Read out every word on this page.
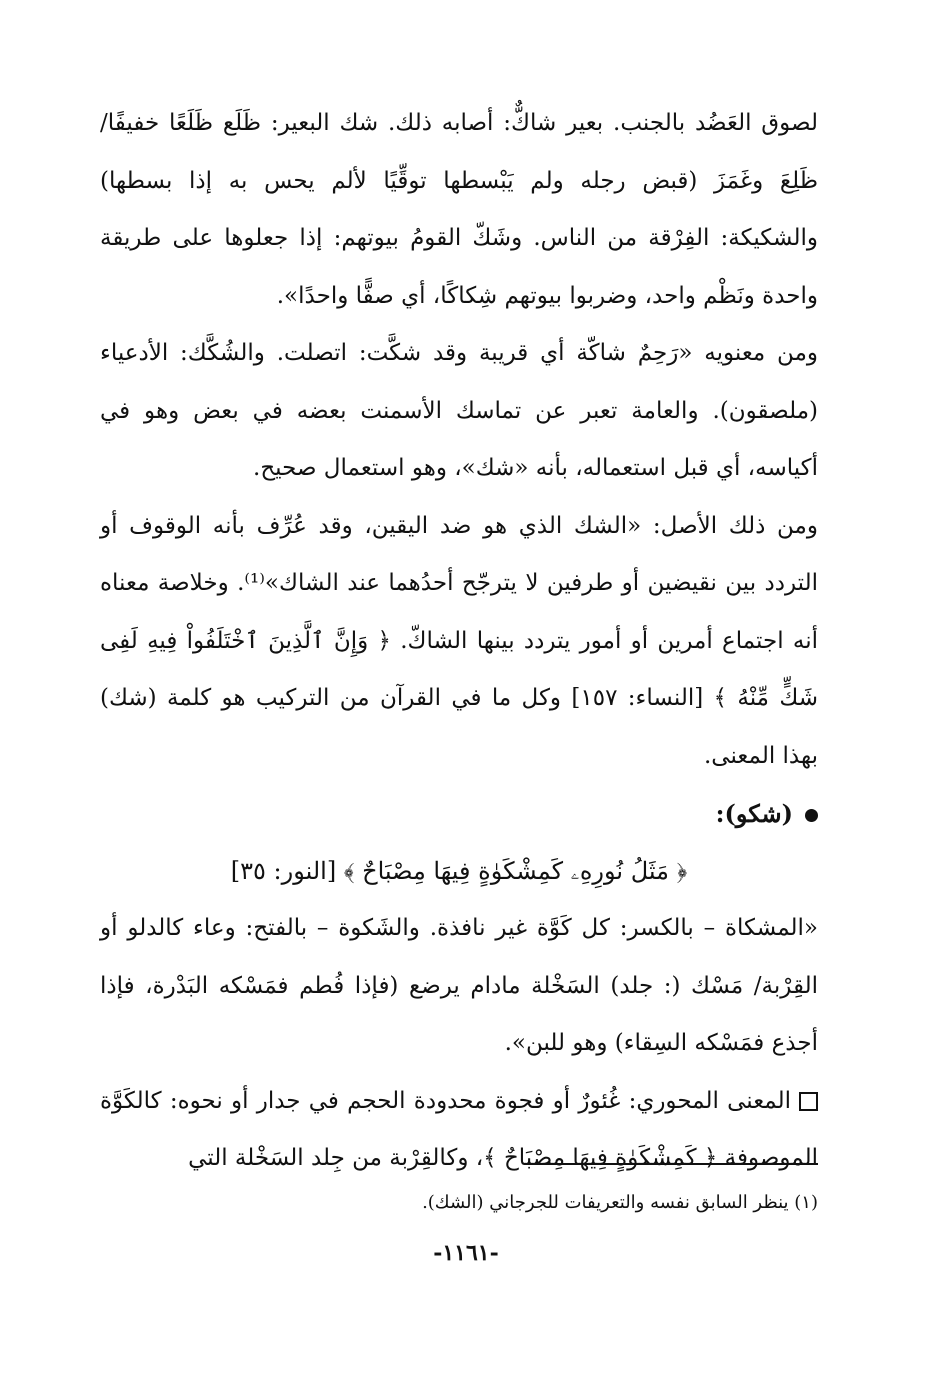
لصوق العَضُد بالجنب. بعير شاكٌّ: أصابه ذلك. شك البعير: ظَلَع ظَلَعًا خفيفًا/ ظَلِعَ وغَمَزَ (قبض رجله ولم يَبْسطها توقِّيًا لألم يحس به إذا بسطها) والشكيكة: الفِرْقة من الناس. وشَكّ القومُ بيوتهم: إذا جعلوها على طريقة واحدة ونَظْم واحد، وضربوا بيوتهم شِكاكًا، أي صفًّا واحدًا».

ومن معنويه «رَحِمٌ شاكّة أي قريبة وقد شكَّت: اتصلت. والشُكَّك: الأدعياء (ملصقون). والعامة تعبر عن تماسك الأسمنت بعضه في بعض وهو في أكياسه، أي قبل استعماله، بأنه «شك»، وهو استعمال صحيح.

ومن ذلك الأصل: «الشك الذي هو ضد اليقين، وقد عُرِّف بأنه الوقوف أو التردد بين نقيضين أو طرفين لا يترجّح أحدُهما عند الشاك»⁽¹⁾. وخلاصة معناه أنه اجتماع أمرين أو أمور يتردد بينها الشاكّ. ﴿ وَإِنَّ ٱلَّذِينَ ٱخْتَلَفُواْ فِيهِ لَفِى شَكٍّ مِّنْهُ ﴾ [النساء: ١٥٧] وكل ما في القرآن من التركيب هو كلمة (شك) بهذا المعنى.

(شكو):

﴿ مَثَلُ نُورِهِۦ كَمِشْكَوٰةٍ فِيهَا مِصْبَاحٌ ﴾ [النور: ٣٥]

«المشكاة – بالكسر: كل كَوَّة غير نافذة. والشَكوة – بالفتح: وعاء كالدلو أو القِرْبة/ مَسْك (: جلد) السَخْلة مادام يرضع (فإذا فُطم فمَسْكه البَدْرة، فإذا أجذع فمَسْكه السِقاء) وهو للبن».

المعنى المحوري: غُئورٌ أو فجوة محدودة الحجم في جدار أو نحوه: كالكَوَّة الموصوفة ﴿ كَمِشْكَوٰةٍ فِيهَا مِصْبَاحٌ ﴾، وكالقِرْبة من جِلد السَخْلة التي

(١) ينظر السابق نفسه والتعريفات للجرجاني (الشك).
-١١٦١-
